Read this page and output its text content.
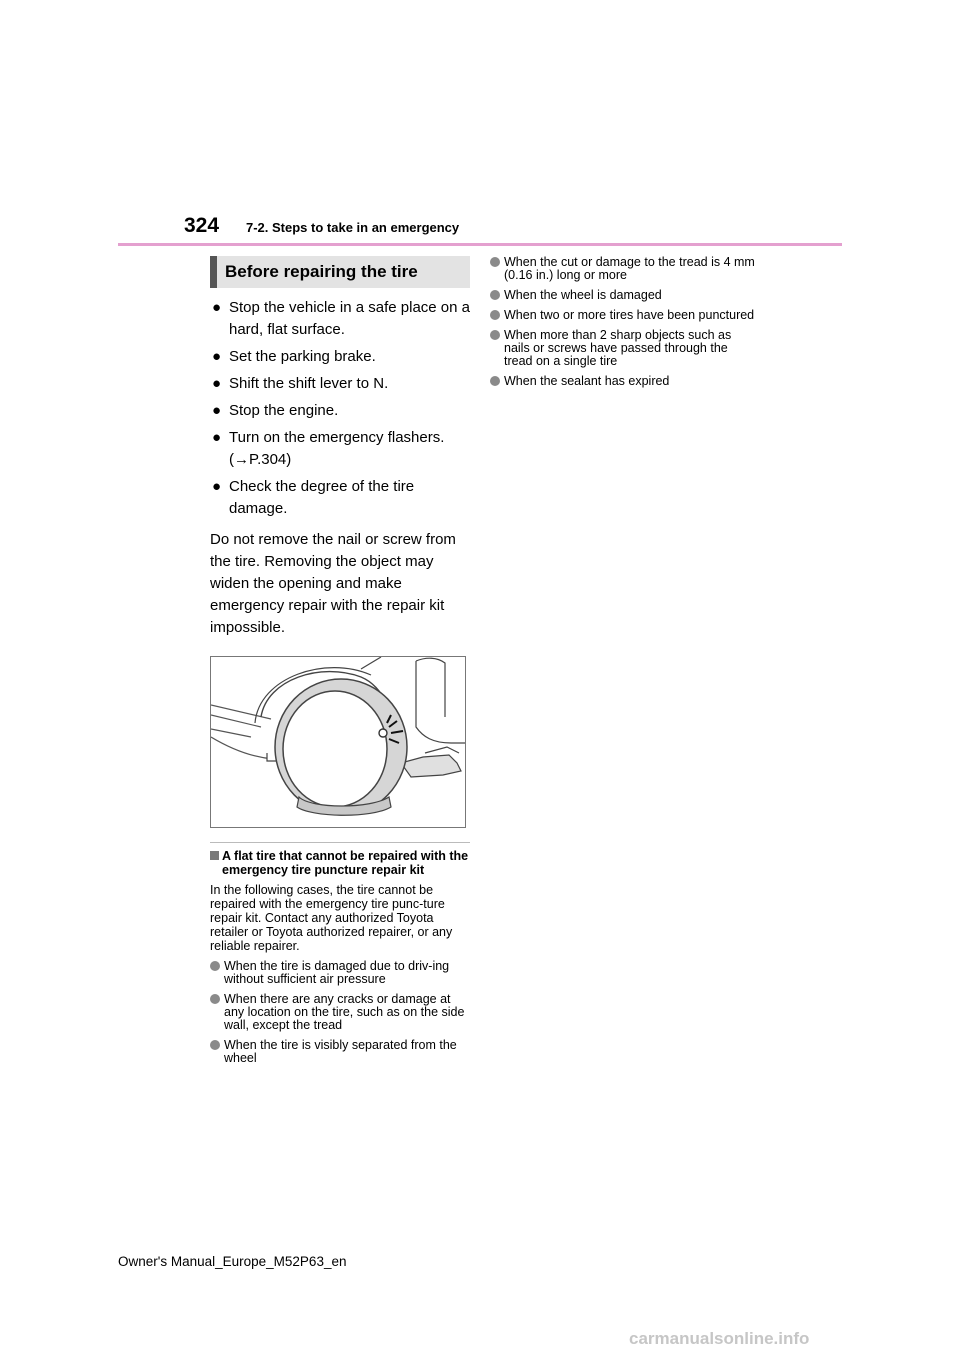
324 7-2. Steps to take in an emergency
Before repairing the tire
● Stop the vehicle in a safe place on a hard, flat surface.
● Set the parking brake.
● Shift the shift lever to N.
● Stop the engine.
● Turn on the emergency flashers. (→P.304)
● Check the degree of the tire damage.

Do not remove the nail or screw from the tire. Removing the object may widen the opening and make emergency repair with the repair kit impossible.

A flat tire that cannot be repaired with the emergency tire puncture repair kit

In the following cases, the tire cannot be repaired with the emergency tire punc-ture repair kit. Contact any authorized Toyota retailer or Toyota authorized repairer, or any reliable repairer.

When the tire is damaged due to driv-ing without sufficient air pressure
When there are any cracks or damage at any location on the tire, such as on the side wall, except the tread
When the tire is visibly separated from the wheel
When the cut or damage to the tread is 4 mm (0.16 in.) long or more
When the wheel is damaged
When two or more tires have been punctured
When more than 2 sharp objects such as nails or screws have passed through the tread on a single tire
When the sealant has expired
Owner's Manual_Europe_M52P63_en
carmanualsonline.info
